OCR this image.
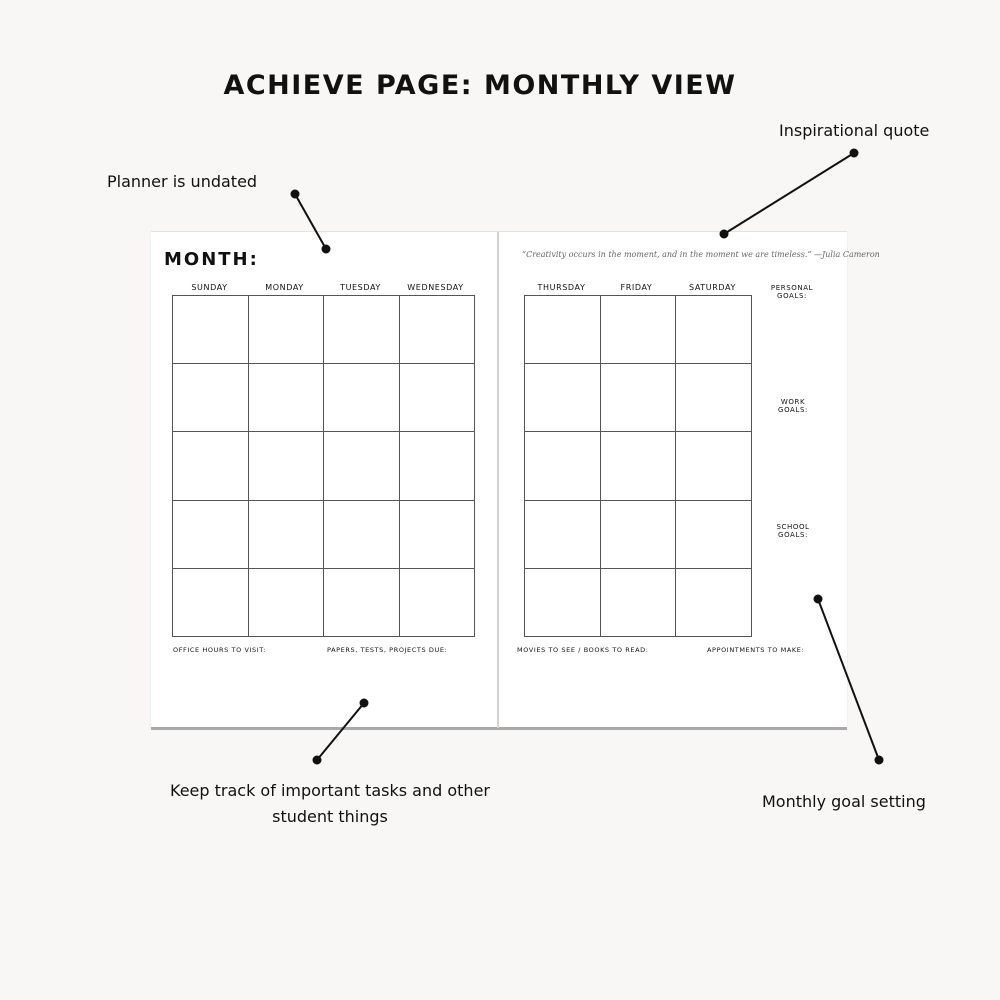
ACHIEVE PAGE: MONTHLY VIEW
Inspirational quote
Planner is undated
Keep track of important tasks and other student things
Monthly goal setting
MONTH:	“Creativity occurs in the moment, and in the moment we are timeless.” —Julia Cameron
SUNDAY	MONDAY	TUESDAY	WEDNESDAY	THURSDAY	FRIDAY	SATURDAY	PERSONAL
GOALS:
WORK
GOALS:
SCHOOL
GOALS:
OFFICE HOURS TO VISIT:	PAPERS, TESTS, PROJECTS DUE:	MOVIES TO SEE / BOOKS TO READ:	APPOINTMENTS TO MAKE:
